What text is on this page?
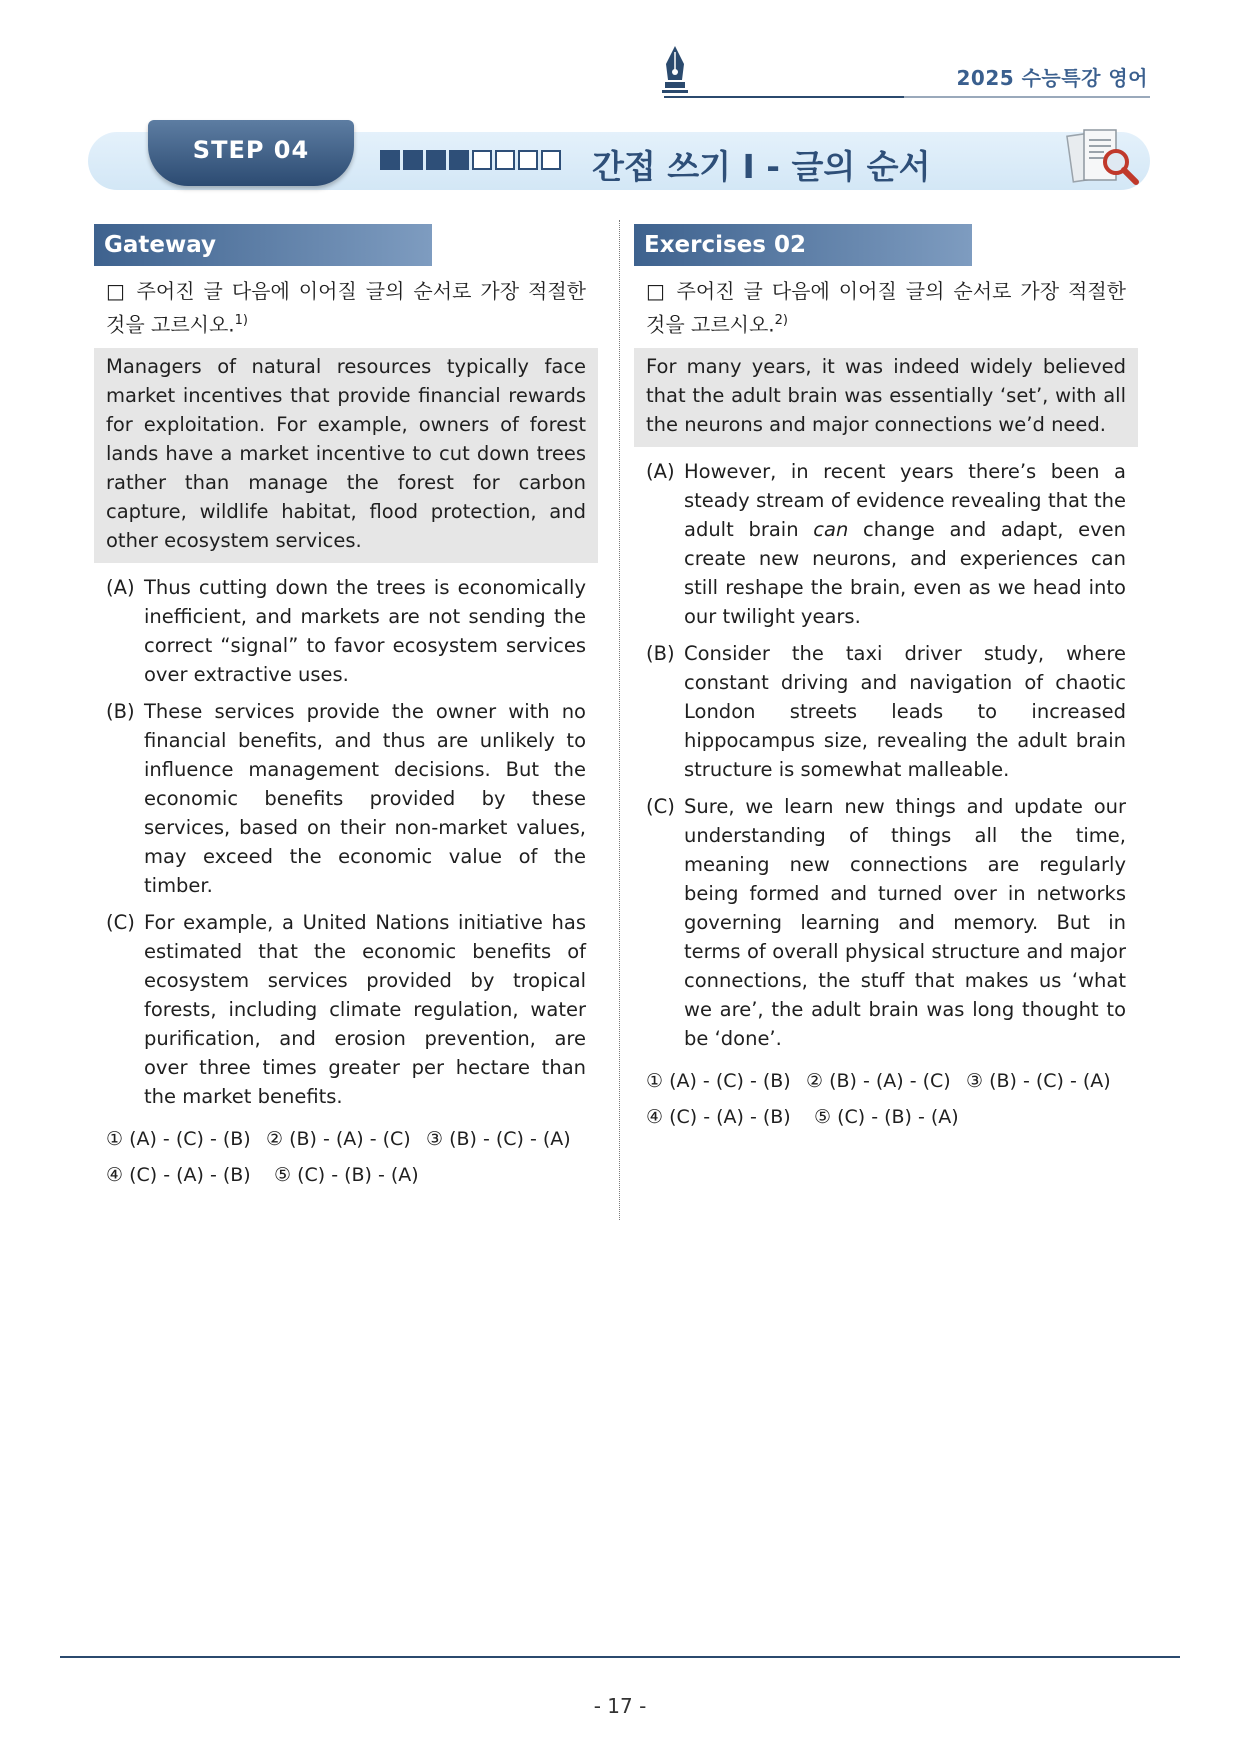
2025 수능특강 영어
STEP 04	간접 쓰기 I - 글의 순서
Gateway
□ 주어진 글 다음에 이어질 글의 순서로 가장 적절한 것을 고르시오.$^{1)}$
Managers of natural resources typically face market incentives that provide financial rewards for exploitation. For example, owners of forest lands have a market incentive to cut down trees rather than manage the forest for carbon capture, wildlife habitat, flood protection, and other ecosystem services.
(A) Thus cutting down the trees is economically inefficient, and markets are not sending the correct “signal” to favor ecosystem services over extractive uses.
(B) These services provide the owner with no financial benefits, and thus are unlikely to influence management decisions. But the economic benefits provided by these services, based on their non-market values, may exceed the economic value of the timber.
(C) For example, a United Nations initiative has estimated that the economic benefits of ecosystem services provided by tropical forests, including climate regulation, water purification, and erosion prevention, are over three times greater per hectare than the market benefits.
① (A) - (C) - (B) ② (B) - (A) - (C) ③ (B) - (C) - (A)
④ (C) - (A) - (B)	⑤ (C) - (B) - (A)
Exercises 02
□ 주어진 글 다음에 이어질 글의 순서로 가장 적절한 것을 고르시오.$^{2)}$
For many years, it was indeed widely believed that the adult brain was essentially ‘set’, with all the neurons and major connections we’d need.
(A) However, in recent years there’s been a steady stream of evidence revealing that the adult brain can change and adapt, even create new neurons, and experiences can still reshape the brain, even as we head into our twilight years.
(B) Consider the taxi driver study, where constant driving and navigation of chaotic London streets leads to increased hippocampus size, revealing the adult brain structure is somewhat malleable.
(C) Sure, we learn new things and update our understanding of things all the time, meaning new connections are regularly being formed and turned over in networks governing learning and memory. But in terms of overall physical structure and major connections, the stuff that makes us ‘what we are’, the adult brain was long thought to be ‘done’.
① (A) - (C) - (B) ② (B) - (A) - (C) ③ (B) - (C) - (A)
④ (C) - (A) - (B)	⑤ (C) - (B) - (A)
- 17 -
